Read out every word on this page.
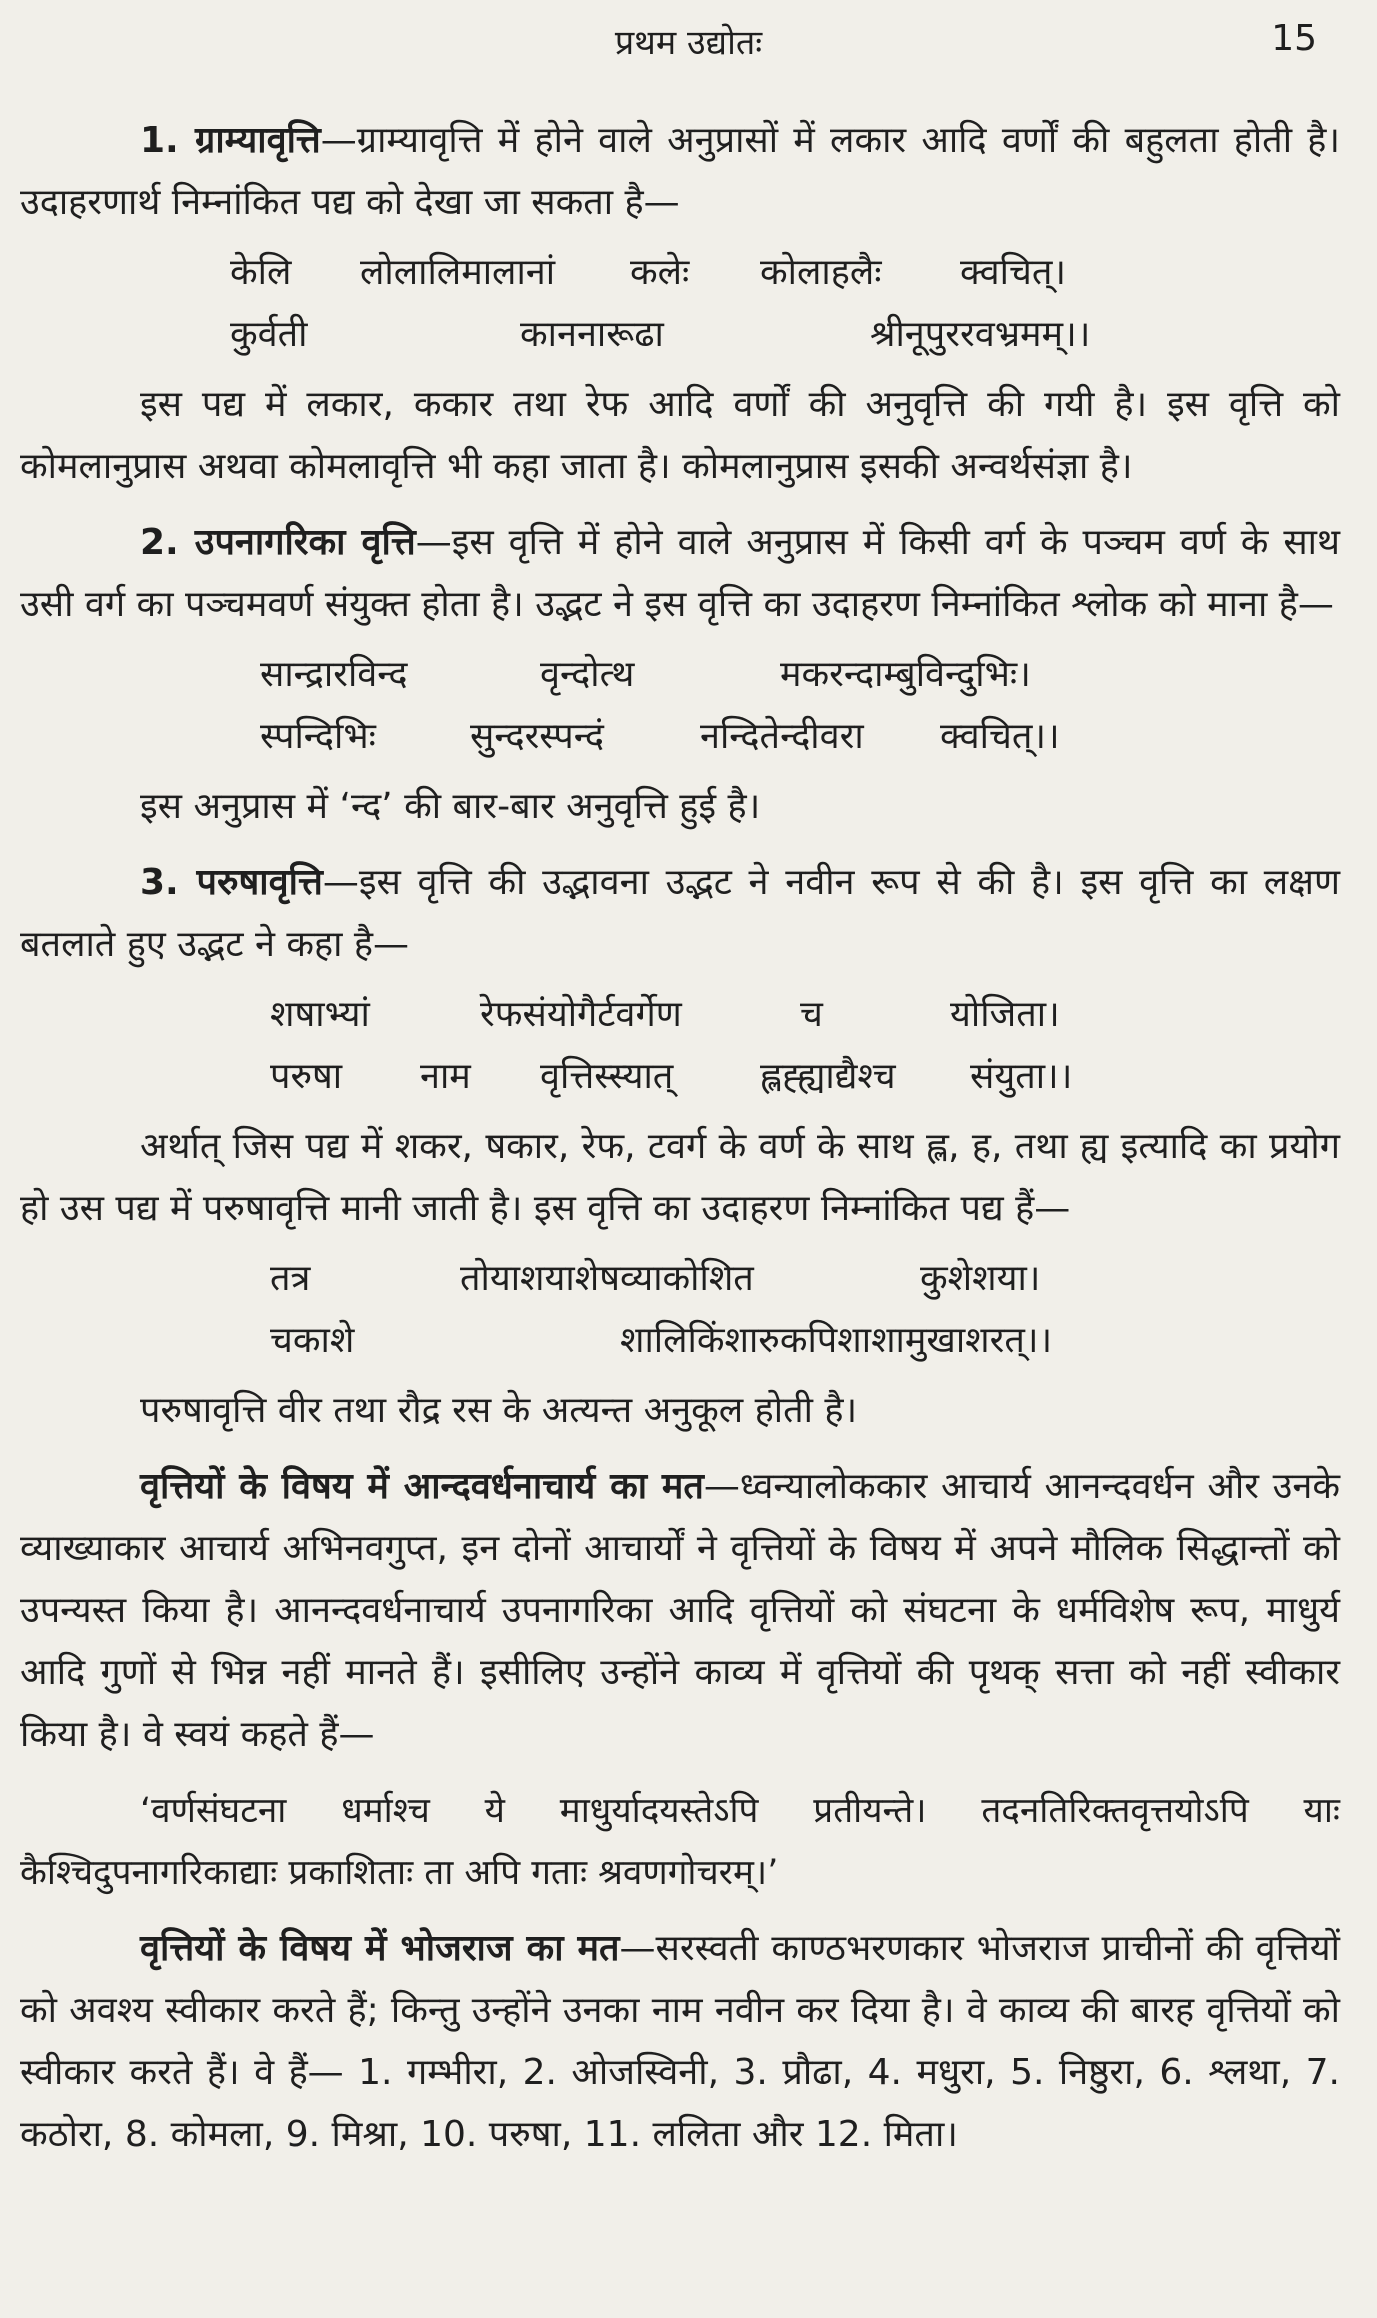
प्रथम उद्योतः	15

1. ग्राम्यावृत्ति—ग्राम्यावृत्ति में होने वाले अनुप्रासों में लकार आदि वर्णों की बहुलता होती है। उदाहरणार्थ निम्नांकित पद्य को देखा जा सकता है—

केलि लोलालिमालानां कलेः कोलाहलैः क्वचित्।
कुर्वती	काननारूढा	श्रीनूपुररवभ्रमम्।।

इस पद्य में लकार, ककार तथा रेफ आदि वर्णों की अनुवृत्ति की गयी है। इस वृत्ति को कोमलानुप्रास अथवा कोमलावृत्ति भी कहा जाता है। कोमलानुप्रास इसकी अन्वर्थसंज्ञा है।

2. उपनागरिका वृत्ति—इस वृत्ति में होने वाले अनुप्रास में किसी वर्ग के पञ्चम वर्ण के साथ उसी वर्ग का पञ्चमवर्ण संयुक्त होता है। उद्भट ने इस वृत्ति का उदाहरण निम्नांकित श्लोक को माना है—

सान्द्रारविन्द	वृन्दोत्थ	मकरन्दाम्बुविन्दुभिः।
स्पन्दिभिः	सुन्दरस्पन्दं	नन्दितेन्दीवरा क्वचित्।।

इस अनुप्रास में ‘न्द’ की बार-बार अनुवृत्ति हुई है।

3. परुषावृत्ति—इस वृत्ति की उद्भावना उद्भट ने नवीन रूप से की है। इस वृत्ति का लक्षण बतलाते हुए उद्भट ने कहा है—

शषाभ्यां	रेफसंयोगैर्टवर्गेण	च	योजिता।
परुषा नाम वृत्तिस्स्यात् ह्लह्ह्याद्यैश्च संयुता।।

अर्थात् जिस पद्य में शकर, षकार, रेफ, टवर्ग के वर्ण के साथ ह्ल, ह, तथा ह्य इत्यादि का प्रयोग हो उस पद्य में परुषावृत्ति मानी जाती है। इस वृत्ति का उदाहरण निम्नांकित पद्य हैं—

तत्र	तोयाशयाशेषव्याकोशित	कुशेशया।
चकाशे	शालिकिंशारुकपिशाशामुखाशरत्।।

परुषावृत्ति वीर तथा रौद्र रस के अत्यन्त अनुकूल होती है।

वृत्तियों के विषय में आन्दवर्धनाचार्य का मत—ध्वन्यालोककार आचार्य आनन्दवर्धन और उनके व्याख्याकार आचार्य अभिनवगुप्त, इन दोनों आचार्यों ने वृत्तियों के विषय में अपने मौलिक सिद्धान्तों को उपन्यस्त किया है। आनन्दवर्धनाचार्य उपनागरिका आदि वृत्तियों को संघटना के धर्मविशेष रूप, माधुर्य आदि गुणों से भिन्न नहीं मानते हैं। इसीलिए उन्होंने काव्य में वृत्तियों की पृथक् सत्ता को नहीं स्वीकार किया है। वे स्वयं कहते हैं—

‘वर्णसंघटना धर्माश्च ये माधुर्यादयस्तेऽपि प्रतीयन्ते। तदनतिरिक्तवृत्तयोऽपि याः कैश्चिदुपनागरिकाद्याः प्रकाशिताः ता अपि गताः श्रवणगोचरम्।’

वृत्तियों के विषय में भोजराज का मत—सरस्वती काण्ठभरणकार भोजराज प्राचीनों की वृत्तियों को अवश्य स्वीकार करते हैं; किन्तु उन्होंने उनका नाम नवीन कर दिया है। वे काव्य की बारह वृत्तियों को स्वीकार करते हैं। वे हैं— 1. गम्भीरा, 2. ओजस्विनी, 3. प्रौढा, 4. मधुरा, 5. निष्ठुरा, 6. श्लथा, 7. कठोरा, 8. कोमला, 9. मिश्रा, 10. परुषा, 11. ललिता और 12. मिता।
